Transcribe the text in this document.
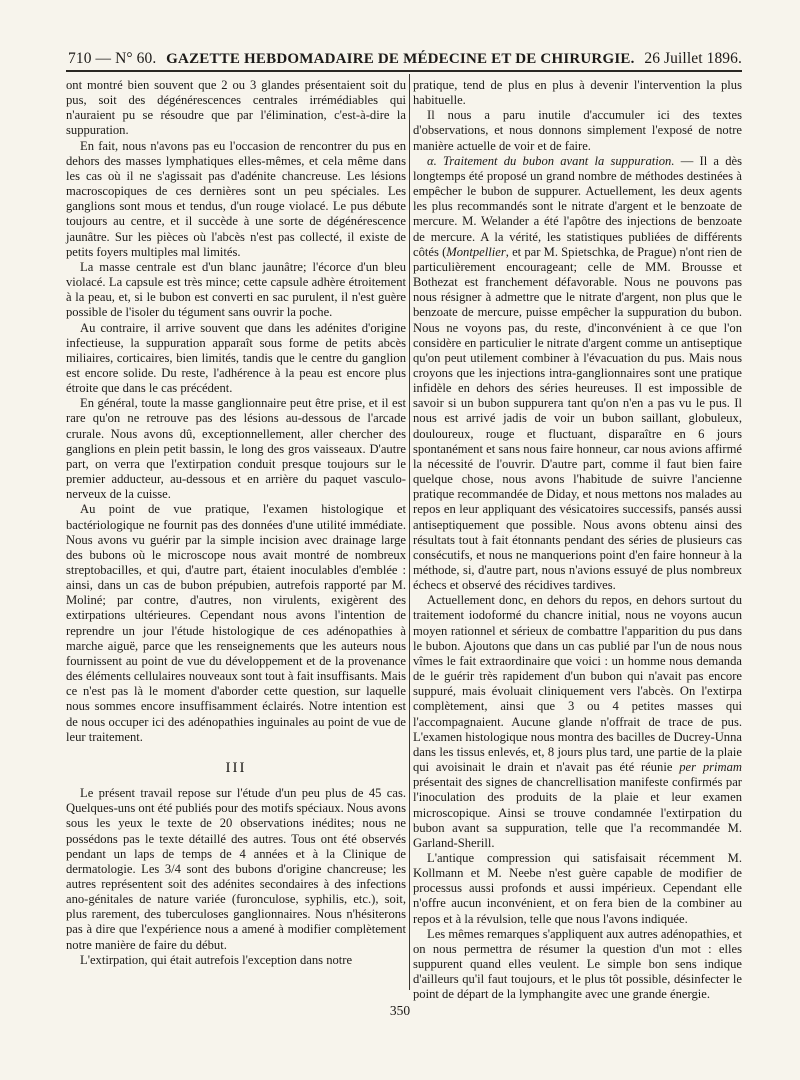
710 — N° 60. GAZETTE HEBDOMADAIRE DE MÉDECINE ET DE CHIRURGIE. 26 Juillet 1896.

ont montré bien souvent que 2 ou 3 glandes présentaient soit du pus, soit des dégénérescences centrales irrémédiables qui n'auraient pu se résoudre que par l'élimination, c'est-à-dire la suppuration.

En fait, nous n'avons pas eu l'occasion de rencontrer du pus en dehors des masses lymphatiques elles-mêmes, et cela même dans les cas où il ne s'agissait pas d'adénite chancreuse. Les lésions macroscopiques de ces dernières sont un peu spéciales. Les ganglions sont mous et tendus, d'un rouge violacé. Le pus débute toujours au centre, et il succède à une sorte de dégénérescence jaunâtre. Sur les pièces où l'abcès n'est pas collecté, il existe de petits foyers multiples mal limités.

La masse centrale est d'un blanc jaunâtre; l'écorce d'un bleu violacé. La capsule est très mince; cette capsule adhère étroitement à la peau, et, si le bubon est converti en sac purulent, il n'est guère possible de l'isoler du tégument sans ouvrir la poche.

Au contraire, il arrive souvent que dans les adénites d'origine infectieuse, la suppuration apparaît sous forme de petits abcès miliaires, corticaires, bien limités, tandis que le centre du ganglion est encore solide. Du reste, l'adhérence à la peau est encore plus étroite que dans le cas précédent.

En général, toute la masse ganglionnaire peut être prise, et il est rare qu'on ne retrouve pas des lésions au-dessous de l'arcade crurale. Nous avons dû, exceptionnellement, aller chercher des ganglions en plein petit bassin, le long des gros vaisseaux. D'autre part, on verra que l'extirpation conduit presque toujours sur le premier adducteur, au-dessous et en arrière du paquet vasculo-nerveux de la cuisse.

Au point de vue pratique, l'examen histologique et bactériologique ne fournit pas des données d'une utilité immédiate. Nous avons vu guérir par la simple incision avec drainage large des bubons où le microscope nous avait montré de nombreux streptobacilles, et qui, d'autre part, étaient inoculables d'emblée : ainsi, dans un cas de bubon prépubien, autrefois rapporté par M. Moliné; par contre, d'autres, non virulents, exigèrent des extirpations ultérieures. Cependant nous avons l'intention de reprendre un jour l'étude histologique de ces adénopathies à marche aiguë, parce que les renseignements que les auteurs nous fournissent au point de vue du développement et de la provenance des éléments cellulaires nouveaux sont tout à fait insuffisants. Mais ce n'est pas là le moment d'aborder cette question, sur laquelle nous sommes encore insuffisamment éclairés. Notre intention est de nous occuper ici des adénopathies inguinales au point de vue de leur traitement.

III

Le présent travail repose sur l'étude d'un peu plus de 45 cas. Quelques-uns ont été publiés pour des motifs spéciaux. Nous avons sous les yeux le texte de 20 observations inédites; nous ne possédons pas le texte détaillé des autres. Tous ont été observés pendant un laps de temps de 4 années et à la Clinique de dermatologie. Les 3/4 sont des bubons d'origine chancreuse; les autres représentent soit des adénites secondaires à des infections ano-génitales de nature variée (furonculose, syphilis, etc.), soit, plus rarement, des tuberculoses ganglionnaires. Nous n'hésiterons pas à dire que l'expérience nous a amené à modifier complètement notre manière de faire du début.

L'extirpation, qui était autrefois l'exception dans notre

pratique, tend de plus en plus à devenir l'intervention la plus habituelle.

Il nous a paru inutile d'accumuler ici des textes d'observations, et nous donnons simplement l'exposé de notre manière actuelle de voir et de faire.

α. Traitement du bubon avant la suppuration. — Il a dès longtemps été proposé un grand nombre de méthodes destinées à empêcher le bubon de suppurer. Actuellement, les deux agents les plus recommandés sont le nitrate d'argent et le benzoate de mercure. M. Welander a été l'apôtre des injections de benzoate de mercure. A la vérité, les statistiques publiées de différents côtés (Montpellier, et par M. Spietschka, de Prague) n'ont rien de particulièrement encourageant; celle de MM. Brousse et Bothezat est franchement défavorable. Nous ne pouvons pas nous résigner à admettre que le nitrate d'argent, non plus que le benzoate de mercure, puisse empêcher la suppuration du bubon. Nous ne voyons pas, du reste, d'inconvénient à ce que l'on considère en particulier le nitrate d'argent comme un antiseptique qu'on peut utilement combiner à l'évacuation du pus. Mais nous croyons que les injections intra-ganglionnaires sont une pratique infidèle en dehors des séries heureuses. Il est impossible de savoir si un bubon suppurera tant qu'on n'en a pas vu le pus. Il nous est arrivé jadis de voir un bubon saillant, globuleux, douloureux, rouge et fluctuant, disparaître en 6 jours spontanément et sans nous faire honneur, car nous avions affirmé la nécessité de l'ouvrir. D'autre part, comme il faut bien faire quelque chose, nous avons l'habitude de suivre l'ancienne pratique recommandée de Diday, et nous mettons nos malades au repos en leur appliquant des vésicatoires successifs, pansés aussi antiseptiquement que possible. Nous avons obtenu ainsi des résultats tout à fait étonnants pendant des séries de plusieurs cas consécutifs, et nous ne manquerions point d'en faire honneur à la méthode, si, d'autre part, nous n'avions essuyé de plus nombreux échecs et observé des récidives tardives.

Actuellement donc, en dehors du repos, en dehors surtout du traitement iodoformé du chancre initial, nous ne voyons aucun moyen rationnel et sérieux de combattre l'apparition du pus dans le bubon. Ajoutons que dans un cas publié par l'un de nous nous vîmes le fait extraordinaire que voici : un homme nous demanda de le guérir très rapidement d'un bubon qui n'avait pas encore suppuré, mais évoluait cliniquement vers l'abcès. On l'extirpa complètement, ainsi que 3 ou 4 petites masses qui l'accompagnaient. Aucune glande n'offrait de trace de pus. L'examen histologique nous montra des bacilles de Ducrey-Unna dans les tissus enlevés, et, 8 jours plus tard, une partie de la plaie qui avoisinait le drain et n'avait pas été réunie per primam présentait des signes de chancrellisation manifeste confirmés par l'inoculation des produits de la plaie et leur examen microscopique. Ainsi se trouve condamnée l'extirpation du bubon avant sa suppuration, telle que l'a recommandée M. Garland-Sherill.

L'antique compression qui satisfaisait récemment M. Kollmann et M. Neebe n'est guère capable de modifier de processus aussi profonds et aussi impérieux. Cependant elle n'offre aucun inconvénient, et on fera bien de la combiner au repos et à la révulsion, telle que nous l'avons indiquée.

Les mêmes remarques s'appliquent aux autres adénopathies, et on nous permettra de résumer la question d'un mot : elles suppurent quand elles veulent. Le simple bon sens indique d'ailleurs qu'il faut toujours, et le plus tôt possible, désinfecter le point de départ de la lymphangite avec une grande énergie.

350
